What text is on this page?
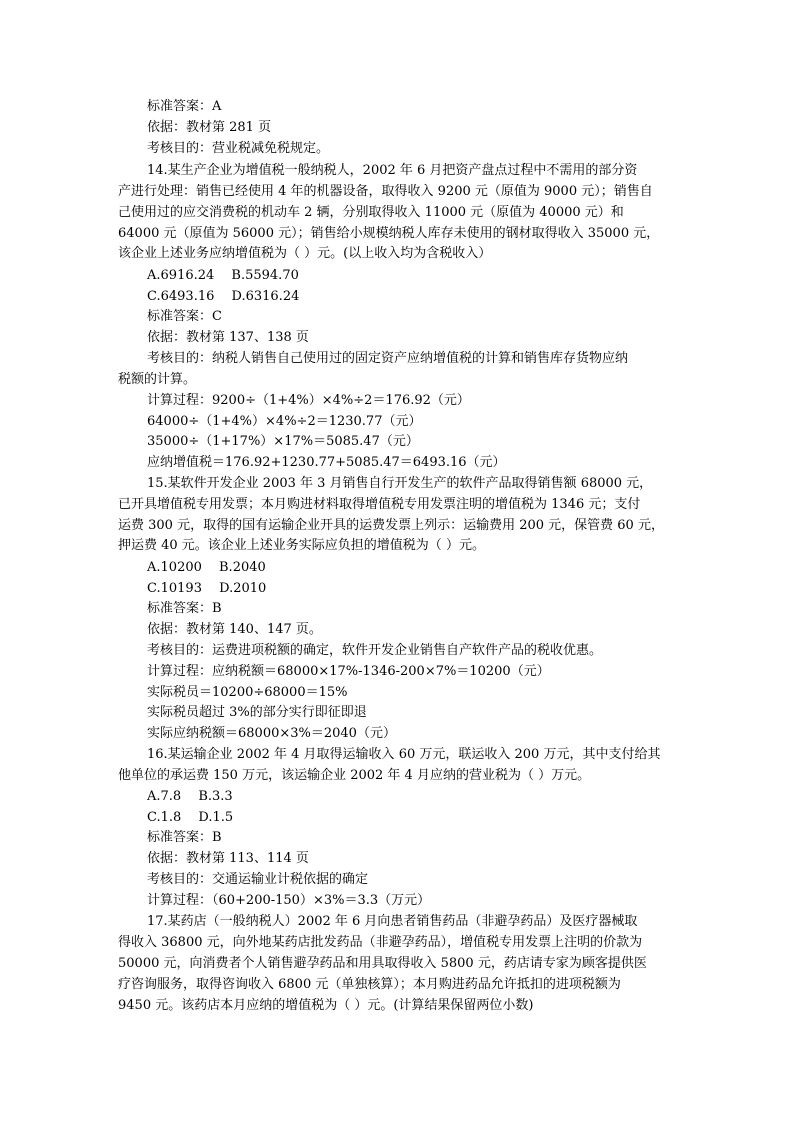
标准答案：A
依据：教材第 281 页
考核目的：营业税减免税规定。
14.某生产企业为增值税一般纳税人，2002 年 6 月把资产盘点过程中不需用的部分资
产进行处理：销售已经使用 4 年的机器设备，取得收入 9200 元（原值为 9000 元）；销售自
己使用过的应交消费税的机动车 2 辆，分别取得收入 11000 元（原值为 40000 元）和
64000 元（原值为 56000 元）；销售给小规模纳税人库存未使用的钢材取得收入 35000 元，
该企业上述业务应纳增值税为（ ）元。(以上收入均为含税收入）
A.6916.24　 B.5594.70
C.6493.16　 D.6316.24
标准答案：C
依据：教材第 137、138 页
考核目的：纳税人销售自己使用过的固定资产应纳增值税的计算和销售库存货物应纳
税额的计算。
计算过程：9200÷（1+4%）×4%÷2＝176.92（元）
64000÷（1+4%）×4%÷2＝1230.77（元）
35000÷（1+17%）×17%＝5085.47（元）
应纳增值税＝176.92+1230.77+5085.47＝6493.16（元）
15.某软件开发企业 2003 年 3 月销售自行开发生产的软件产品取得销售额 68000 元，
已开具增值税专用发票；本月购进材料取得增值税专用发票注明的增值税为 1346 元；支付
运费 300 元，取得的国有运输企业开具的运费发票上列示：运输费用 200 元，保管费 60 元，
押运费 40 元。该企业上述业务实际应负担的增值税为（ ）元。
A.10200　 B.2040
C.10193　 D.2010
标准答案：B
依据：教材第 140、147 页。
考核目的：运费进项税额的确定，软件开发企业销售自产软件产品的税收优惠。
计算过程：应纳税额＝68000×17%-1346-200×7%＝10200（元）
实际税员＝10200÷68000＝15%
实际税员超过 3%的部分实行即征即退
实际应纳税额＝68000×3%＝2040（元）
16.某运输企业 2002 年 4 月取得运输收入 60 万元，联运收入 200 万元，其中支付给其
他单位的承运费 150 万元，该运输企业 2002 年 4 月应纳的营业税为（ ）万元。
A.7.8　 B.3.3
C.1.8　 D.1.5
标准答案：B
依据：教材第 113、114 页
考核目的：交通运输业计税依据的确定
计算过程：（60+200-150）×3%＝3.3（万元）
17.某药店（一般纳税人）2002 年 6 月向患者销售药品（非避孕药品）及医疗器械取
得收入 36800 元，向外地某药店批发药品（非避孕药品），增值税专用发票上注明的价款为
50000 元，向消费者个人销售避孕药品和用具取得收入 5800 元，药店请专家为顾客提供医
疗咨询服务，取得咨询收入 6800 元（单独核算）；本月购进药品允许抵扣的进项税额为
9450 元。该药店本月应纳的增值税为（ ）元。(计算结果保留两位小数)
